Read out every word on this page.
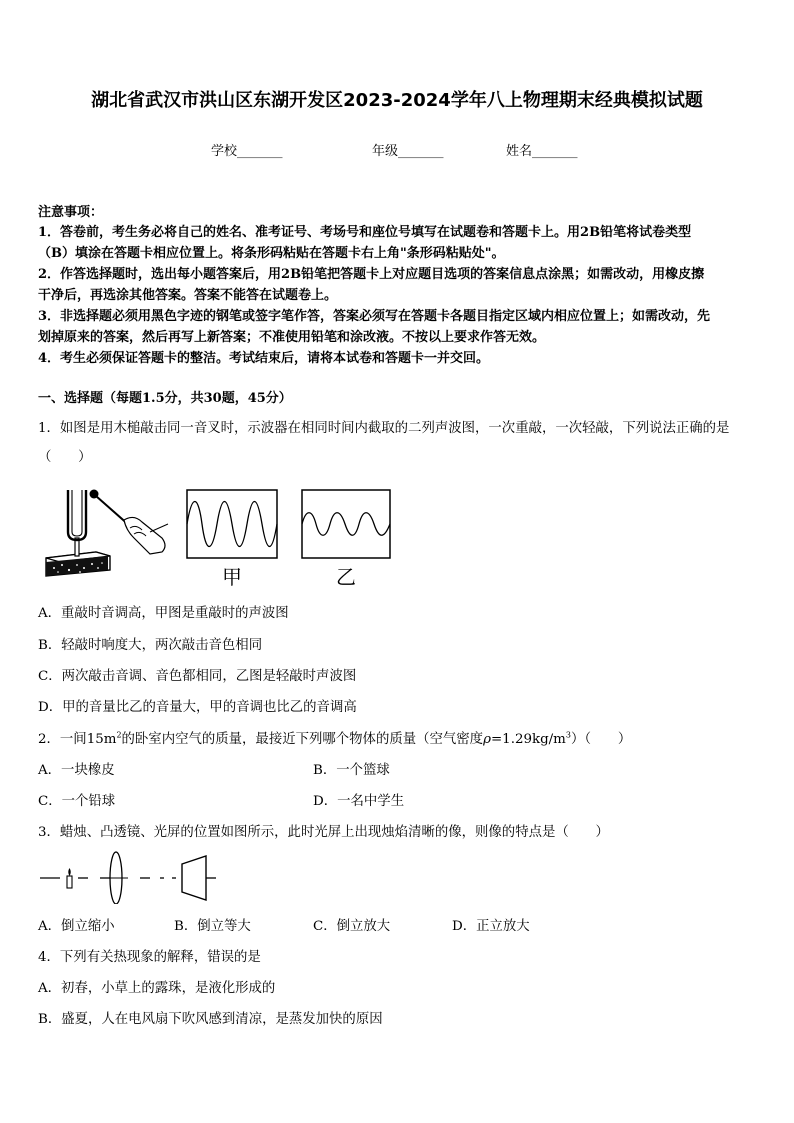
湖北省武汉市洪山区东湖开发区2023-2024学年八上物理期末经典模拟试题
学校_______	年级_______	姓名_______
注意事项：
1．答卷前，考生务必将自己的姓名、准考证号、考场号和座位号填写在试题卷和答题卡上。用2B铅笔将试卷类型
（B）填涂在答题卡相应位置上。将条形码粘贴在答题卡右上角"条形码粘贴处"。
2．作答选择题时，选出每小题答案后，用2B铅笔把答题卡上对应题目选项的答案信息点涂黑；如需改动，用橡皮擦
干净后，再选涂其他答案。答案不能答在试题卷上。
3．非选择题必须用黑色字迹的钢笔或签字笔作答，答案必须写在答题卡各题目指定区域内相应位置上；如需改动，先
划掉原来的答案，然后再写上新答案；不准使用铅笔和涂改液。不按以上要求作答无效。
4．考生必须保证答题卡的整洁。考试结束后，请将本试卷和答题卡一并交回。
一、选择题（每题1.5分，共30题，45分）
1．如图是用木槌敲击同一音叉时，示波器在相同时间内截取的二列声波图，一次重敲，一次轻敲，下列说法正确的是
（　　）
甲	乙
A．重敲时音调高，甲图是重敲时的声波图
B．轻敲时响度大，两次敲击音色相同
C．两次敲击音调、音色都相同，乙图是轻敲时声波图
D．甲的音量比乙的音量大，甲的音调也比乙的音调高
2．一间$15m^2$的卧室内空气的质量，最接近下列哪个物体的质量（空气密度$\rho=1.29kg/m^3$）（　　）
A．一块橡皮	B．一个篮球
C．一个铅球	D．一名中学生
3．蜡烛、凸透镜、光屏的位置如图所示，此时光屏上出现烛焰清晰的像，则像的特点是（　　）
A．倒立缩小	B．倒立等大	C．倒立放大	D．正立放大
4．下列有关热现象的解释，错误的是
A．初春，小草上的露珠，是液化形成的
B．盛夏，人在电风扇下吹风感到清凉，是蒸发加快的原因
